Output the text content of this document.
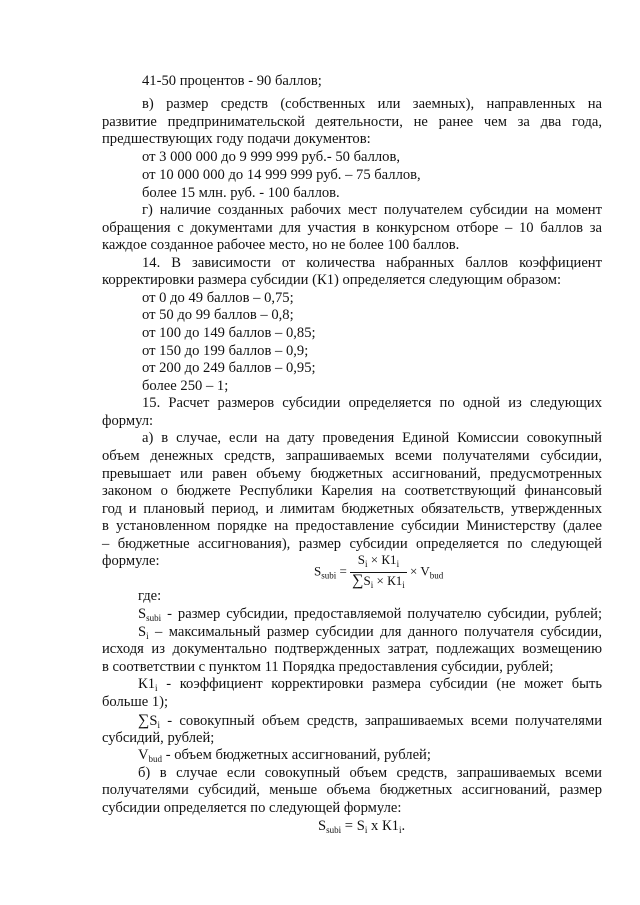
41-50 процентов - 90 баллов;
в) размер средств (собственных или заемных), направленных на
развитие предпринимательской деятельности, не ранее чем за два года,
предшествующих году подачи документов:
от 3 000 000 до 9 999 999 руб.- 50 баллов,
от 10 000 000 до 14 999 999 руб. – 75 баллов,
более 15 млн. руб. - 100 баллов.
г) наличие созданных рабочих мест получателем субсидии на момент
обращения с документами для участия в конкурсном отборе – 10 баллов за
каждое созданное рабочее место, но не более 100 баллов.
14. В зависимости от количества набранных баллов коэффициент
корректировки размера субсидии (К1) определяется следующим образом:
от 0 до 49 баллов – 0,75;
от 50 до 99 баллов – 0,8;
от 100 до 149 баллов – 0,85;
от 150 до 199 баллов – 0,9;
от 200 до 249 баллов – 0,95;
более 250 – 1;
15. Расчет размеров субсидии определяется по одной из следующих
формул:
а) в случае, если на дату проведения Единой Комиссии совокупный
объем денежных средств, запрашиваемых всеми получателями субсидии,
превышает или равен объему бюджетных ассигнований, предусмотренных
законом о бюджете Республики Карелия на соответствующий финансовый
год и плановый период, и лимитам бюджетных обязательств, утвержденных
в установленном порядке на предоставление субсидии Министерству (далее
– бюджетные ассигнования), размер субсидии определяется по следующей
формуле:
$S_{subi} = \frac{S_i \times К1_i}{\sum S_i \times К1_i} \times V_{bud}$
где:
$S_{subi}$ - размер субсидии, предоставляемой получателю субсидии, рублей;
$S_i$ – максимальный размер субсидии для данного получателя субсидии,
исходя из документально подтвержденных затрат, подлежащих возмещению
в соответствии с пунктом 11 Порядка предоставления субсидии, рублей;
$К1_i$ - коэффициент корректировки размера субсидии (не может быть
больше 1);
$\sum S_i$ - совокупный объем средств, запрашиваемых всеми получателями
субсидий, рублей;
$V_{bud}$ - объем бюджетных ассигнований, рублей;
б) в случае если совокупный объем средств, запрашиваемых всеми
получателями субсидий, меньше объема бюджетных ассигнований, размер
субсидии определяется по следующей формуле:
$S_{subi} = S_i$ x $К1_i$.
